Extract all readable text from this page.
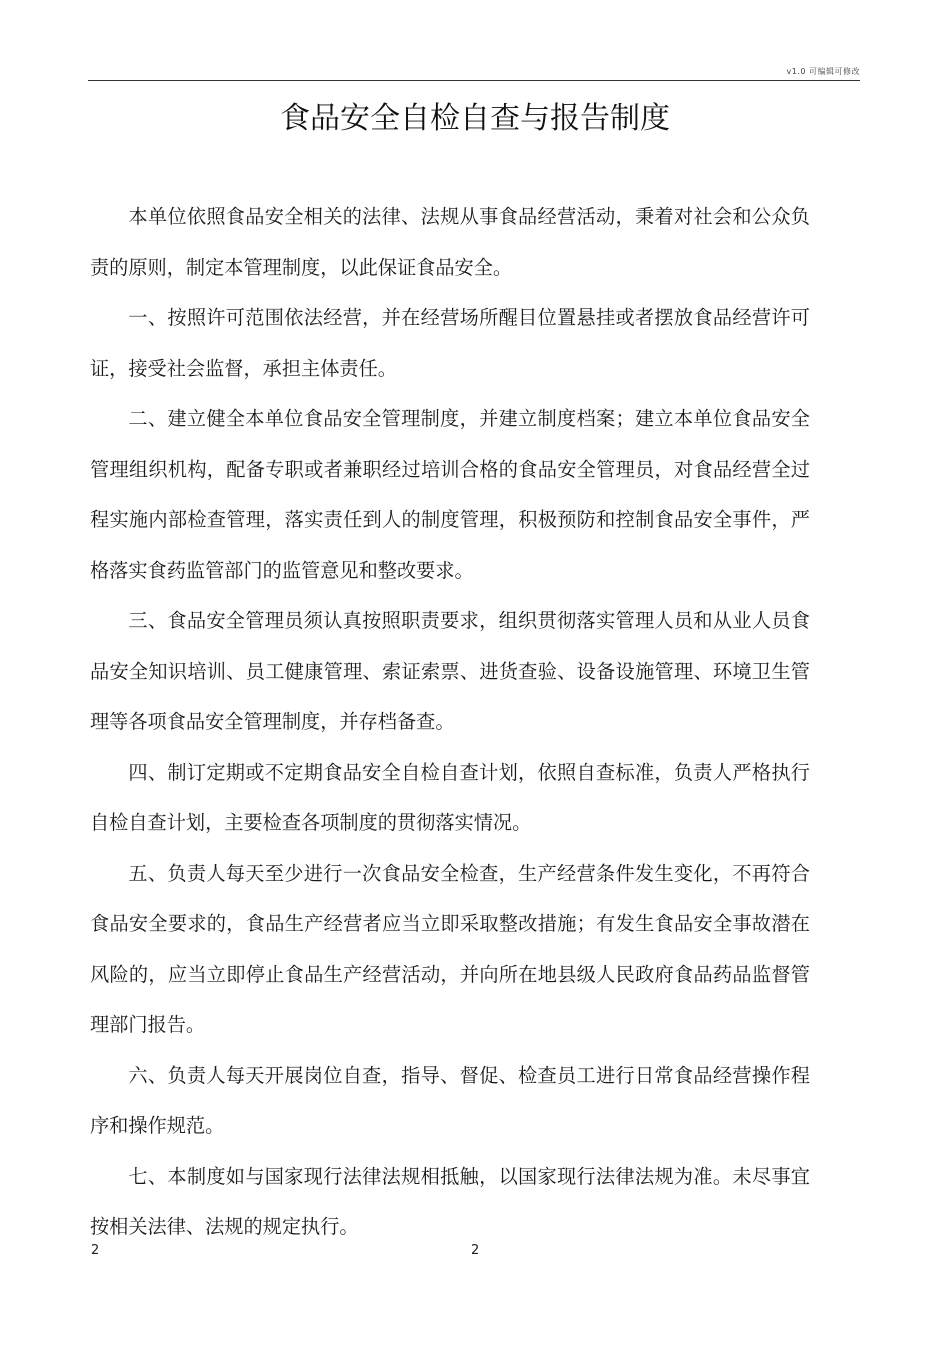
v1.0 可编辑可修改
食品安全自检自查与报告制度

本单位依照食品安全相关的法律、法规从事食品经营活动，秉着对社会和公众负责的原则，制定本管理制度，以此保证食品安全。

一、按照许可范围依法经营，并在经营场所醒目位置悬挂或者摆放食品经营许可证，接受社会监督，承担主体责任。

二、建立健全本单位食品安全管理制度，并建立制度档案；建立本单位食品安全管理组织机构，配备专职或者兼职经过培训合格的食品安全管理员，对食品经营全过程实施内部检查管理，落实责任到人的制度管理，积极预防和控制食品安全事件，严格落实食药监管部门的监管意见和整改要求。

三、食品安全管理员须认真按照职责要求，组织贯彻落实管理人员和从业人员食品安全知识培训、员工健康管理、索证索票、进货查验、设备设施管理、环境卫生管理等各项食品安全管理制度，并存档备查。

四、制订定期或不定期食品安全自检自查计划，依照自查标准，负责人严格执行自检自查计划，主要检查各项制度的贯彻落实情况。

五、负责人每天至少进行一次食品安全检查，生产经营条件发生变化，不再符合食品安全要求的，食品生产经营者应当立即采取整改措施；有发生食品安全事故潜在风险的，应当立即停止食品生产经营活动，并向所在地县级人民政府食品药品监督管理部门报告。

六、负责人每天开展岗位自查，指导、督促、检查员工进行日常食品经营操作程序和操作规范。

七、本制度如与国家现行法律法规相抵触，以国家现行法律法规为准。未尽事宜按相关法律、法规的规定执行。

2	2
